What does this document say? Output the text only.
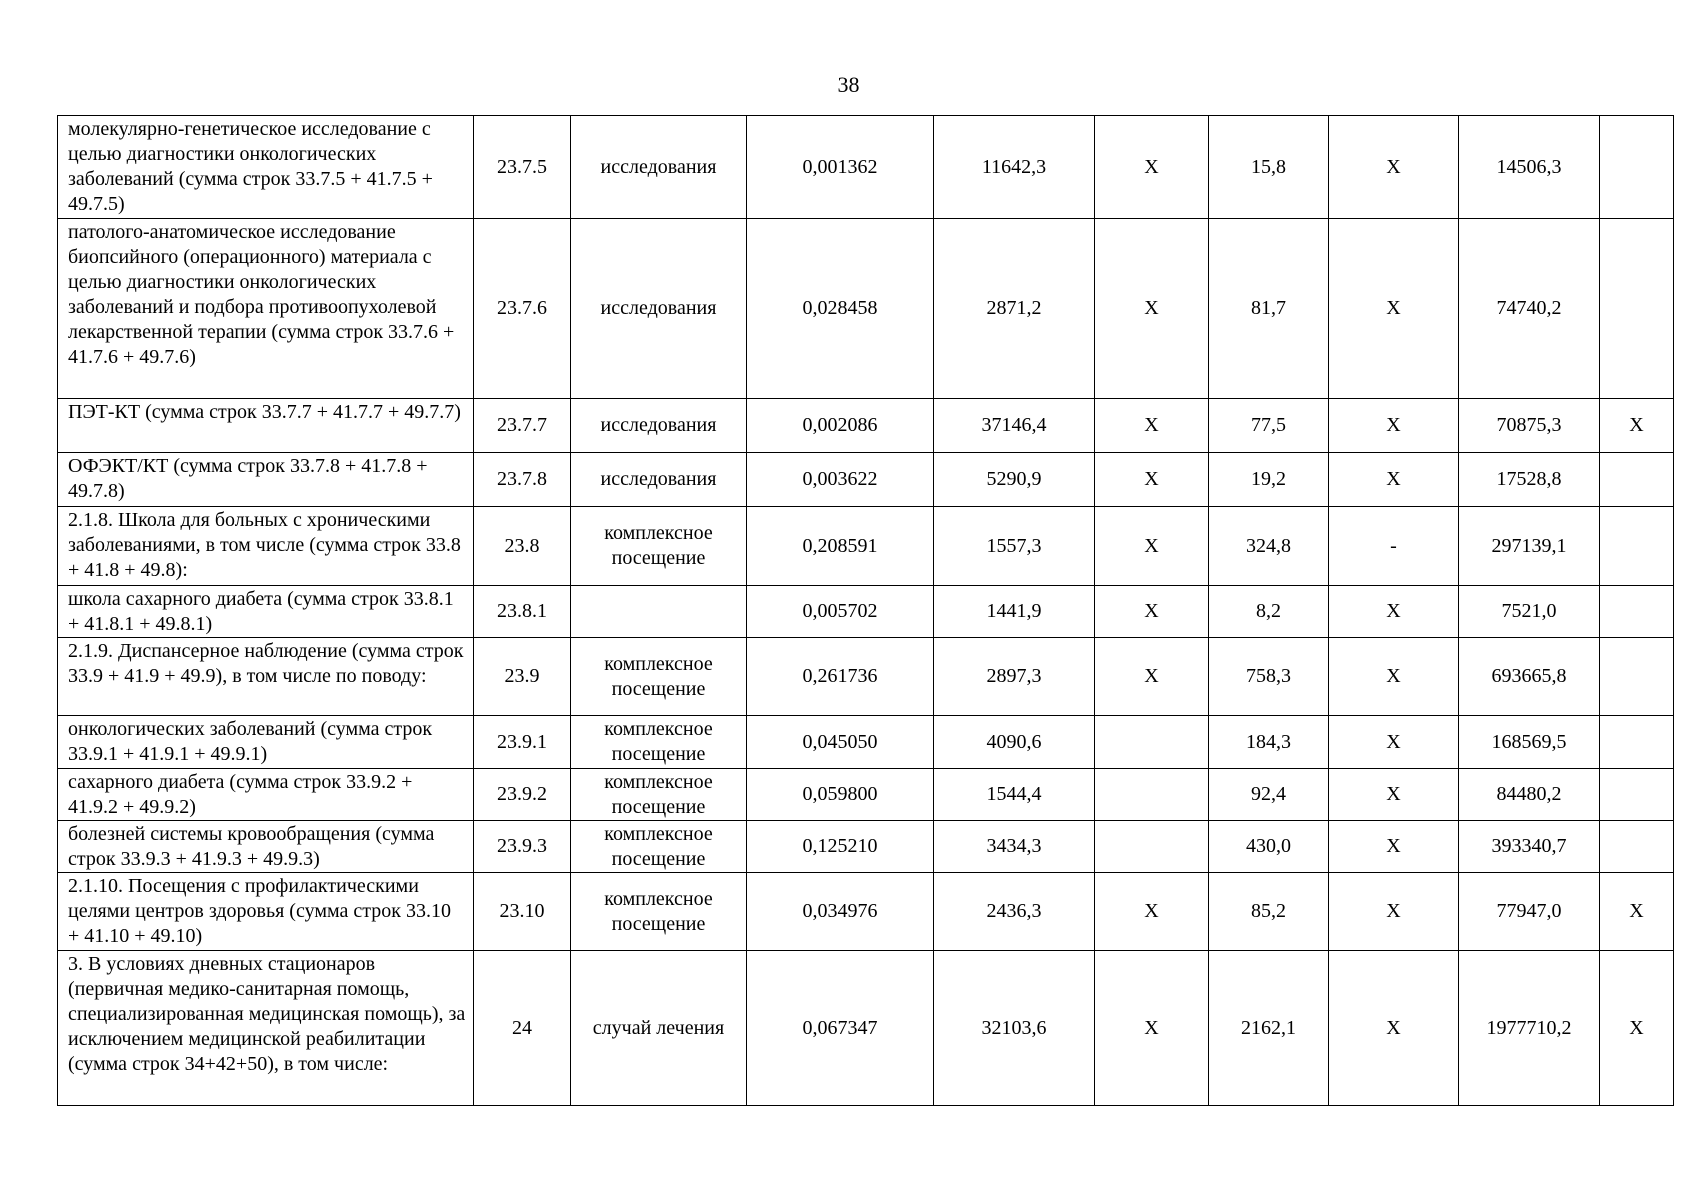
38
молекулярно-генетическое исследование с целью диагностики онкологических заболеваний (сумма строк 33.7.5 + 41.7.5 + 49.7.5)	23.7.5	исследования	0,001362	11642,3	Х	15,8	Х	14506,3	
патолого-анатомическое исследование биопсийного (операционного) материала с целью диагностики онкологических заболеваний и подбора противоопухолевой лекарственной терапии (сумма строк 33.7.6 + 41.7.6 + 49.7.6)	23.7.6	исследования	0,028458	2871,2	Х	81,7	Х	74740,2	
ПЭТ-КТ (сумма строк 33.7.7 + 41.7.7 + 49.7.7)	23.7.7	исследования	0,002086	37146,4	Х	77,5	Х	70875,3	Х
ОФЭКТ/КТ (сумма строк 33.7.8 + 41.7.8 + 49.7.8)	23.7.8	исследования	0,003622	5290,9	Х	19,2	Х	17528,8	
2.1.8. Школа для больных с хроническими заболеваниями, в том числе (сумма строк 33.8 + 41.8 + 49.8):	23.8	комплексное посещение	0,208591	1557,3	Х	324,8	-	297139,1	
школа сахарного диабета (сумма строк 33.8.1 + 41.8.1 + 49.8.1)	23.8.1		0,005702	1441,9	Х	8,2	Х	7521,0	
2.1.9. Диспансерное наблюдение (сумма строк 33.9 + 41.9 + 49.9), в том числе по поводу:	23.9	комплексное посещение	0,261736	2897,3	Х	758,3	Х	693665,8	
онкологических заболеваний (сумма строк 33.9.1 + 41.9.1 + 49.9.1)	23.9.1	комплексное посещение	0,045050	4090,6		184,3	Х	168569,5	
сахарного диабета (сумма строк 33.9.2 + 41.9.2 + 49.9.2)	23.9.2	комплексное посещение	0,059800	1544,4		92,4	Х	84480,2	
болезней системы кровообращения (сумма строк 33.9.3 + 41.9.3 + 49.9.3)	23.9.3	комплексное посещение	0,125210	3434,3		430,0	Х	393340,7	
2.1.10. Посещения с профилактическими целями центров здоровья (сумма строк 33.10 + 41.10 + 49.10)	23.10	комплексное посещение	0,034976	2436,3	Х	85,2	Х	77947,0	Х
3. В условиях дневных стационаров (первичная медико-санитарная помощь, специализированная медицинская помощь), за исключением медицинской реабилитации (сумма строк 34+42+50), в том числе:	24	случай лечения	0,067347	32103,6	Х	2162,1	Х	1977710,2	Х
